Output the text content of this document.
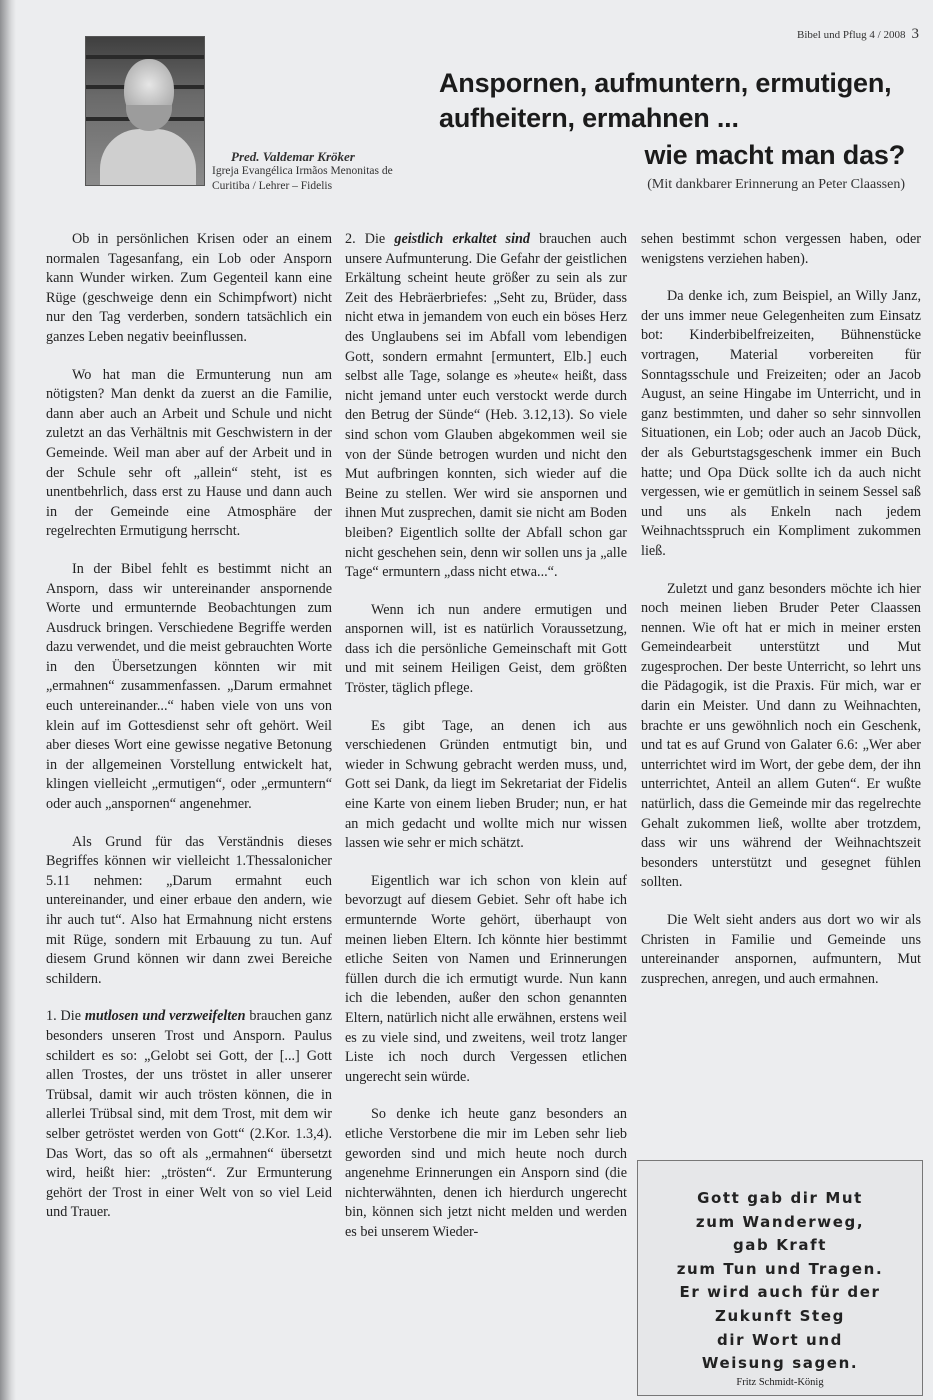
Bibel und Pflug 4 / 2008 3
Pred. Valdemar Kröker
Igreja Evangélica Irmãos Menonitas de
Curitiba / Lehrer – Fidelis
Anspornen, aufmuntern, ermutigen,
aufheitern, ermahnen ...
wie macht man das?
(Mit dankbarer Erinnerung an Peter Claassen)

Ob in persönlichen Krisen oder an einem normalen Tagesanfang, ein Lob oder Ansporn kann Wunder wirken. Zum Gegenteil kann eine Rüge (geschweige denn ein Schimpfwort) nicht nur den Tag verderben, sondern tatsächlich ein ganzes Leben negativ beeinflussen.

Wo hat man die Ermunterung nun am nötigsten? Man denkt da zuerst an die Familie, dann aber auch an Arbeit und Schule und nicht zuletzt an das Verhältnis mit Geschwistern in der Gemeinde. Weil man aber auf der Arbeit und in der Schule sehr oft „allein“ steht, ist es unentbehrlich, dass erst zu Hause und dann auch in der Gemeinde eine Atmosphäre der regelrechten Ermutigung herrscht.

In der Bibel fehlt es bestimmt nicht an Ansporn, dass wir untereinander anspornende Worte und ermunternde Beobachtungen zum Ausdruck bringen. Verschiedene Begriffe werden dazu verwendet, und die meist gebrauchten Worte in den Übersetzungen könnten wir mit „ermahnen“ zusammenfassen. „Darum ermahnet euch untereinander...“ haben viele von uns von klein auf im Gottesdienst sehr oft gehört. Weil aber dieses Wort eine gewisse negative Betonung in der allgemeinen Vorstellung entwickelt hat, klingen vielleicht „ermutigen“, oder „ermuntern“ oder auch „anspornen“ angenehmer.

Als Grund für das Verständnis dieses Begriffes können wir vielleicht 1.Thessalonicher 5.11 nehmen: „Darum ermahnt euch untereinander, und einer erbaue den andern, wie ihr auch tut“. Also hat Ermahnung nicht erstens mit Rüge, sondern mit Erbauung zu tun. Auf diesem Grund können wir dann zwei Bereiche schildern.

1. Die mutlosen und verzweifelten brauchen ganz besonders unseren Trost und Ansporn. Paulus schildert es so: „Gelobt sei Gott, der [...] Gott allen Trostes, der uns tröstet in aller unserer Trübsal, damit wir auch trösten können, die in allerlei Trübsal sind, mit dem Trost, mit dem wir selber getröstet werden von Gott“ (2.Kor. 1.3,4). Das Wort, das so oft als „ermahnen“ übersetzt wird, heißt hier: „trösten“. Zur Ermunterung gehört der Trost in einer Welt von so viel Leid und Trauer.

2. Die geistlich erkaltet sind brauchen auch unsere Aufmunterung. Die Gefahr der geistlichen Erkältung scheint heute größer zu sein als zur Zeit des Hebräerbriefes: „Seht zu, Brüder, dass nicht etwa in jemandem von euch ein böses Herz des Unglaubens sei im Abfall vom lebendigen Gott, sondern ermahnt [ermuntert, Elb.] euch selbst alle Tage, solange es »heute« heißt, dass nicht jemand unter euch verstockt werde durch den Betrug der Sünde“ (Heb. 3.12,13). So viele sind schon vom Glauben abgekommen weil sie von der Sünde betrogen wurden und nicht den Mut aufbringen konnten, sich wieder auf die Beine zu stellen. Wer wird sie anspornen und ihnen Mut zusprechen, damit sie nicht am Boden bleiben? Eigentlich sollte der Abfall schon gar nicht geschehen sein, denn wir sollen uns ja „alle Tage“ ermuntern „dass nicht etwa...“.

Wenn ich nun andere ermutigen und anspornen will, ist es natürlich Voraussetzung, dass ich die persönliche Gemeinschaft mit Gott und mit seinem Heiligen Geist, dem größten Tröster, täglich pflege.

Es gibt Tage, an denen ich aus verschiedenen Gründen entmutigt bin, und wieder in Schwung gebracht werden muss, und, Gott sei Dank, da liegt im Sekretariat der Fidelis eine Karte von einem lieben Bruder; nun, er hat an mich gedacht und wollte mich nur wissen lassen wie sehr er mich schätzt.

Eigentlich war ich schon von klein auf bevorzugt auf diesem Gebiet. Sehr oft habe ich ermunternde Worte gehört, überhaupt von meinen lieben Eltern. Ich könnte hier bestimmt etliche Seiten von Namen und Erinnerungen füllen durch die ich ermutigt wurde. Nun kann ich die lebenden, außer den schon genannten Eltern, natürlich nicht alle erwähnen, erstens weil es zu viele sind, und zweitens, weil trotz langer Liste ich noch durch Vergessen etlichen ungerecht sein würde.

So denke ich heute ganz besonders an etliche Verstorbene die mir im Leben sehr lieb geworden sind und mich heute noch durch angenehme Erinnerungen ein Ansporn sind (die nichterwähnten, denen ich hierdurch ungerecht bin, können sich jetzt nicht melden und werden es bei unserem Wieder-

sehen bestimmt schon vergessen haben, oder wenigstens verziehen haben).

Da denke ich, zum Beispiel, an Willy Janz, der uns immer neue Gelegenheiten zum Einsatz bot: Kinderbibelfreizeiten, Bühnenstücke vortragen, Material vorbereiten für Sonntagsschule und Freizeiten; oder an Jacob August, an seine Hingabe im Unterricht, und in ganz bestimmten, und daher so sehr sinnvollen Situationen, ein Lob; oder auch an Jacob Dück, der als Geburtstagsgeschenk immer ein Buch hatte; und Opa Dück sollte ich da auch nicht vergessen, wie er gemütlich in seinem Sessel saß und uns als Enkeln nach jedem Weihnachtsspruch ein Kompliment zukommen ließ.

Zuletzt und ganz besonders möchte ich hier noch meinen lieben Bruder Peter Claassen nennen. Wie oft hat er mich in meiner ersten Gemeindearbeit unterstützt und Mut zugesprochen. Der beste Unterricht, so lehrt uns die Pädagogik, ist die Praxis. Für mich, war er darin ein Meister. Und dann zu Weihnachten, brachte er uns gewöhnlich noch ein Geschenk, und tat es auf Grund von Galater 6.6: „Wer aber unterrichtet wird im Wort, der gebe dem, der ihn unterrichtet, Anteil an allem Guten“. Er wußte natürlich, dass die Gemeinde mir das regelrechte Gehalt zukommen ließ, wollte aber trotzdem, dass wir uns während der Weihnachtszeit besonders unterstützt und gesegnet fühlen sollten.

Die Welt sieht anders aus dort wo wir als Christen in Familie und Gemeinde uns untereinander anspornen, aufmuntern, Mut zusprechen, anregen, und auch ermahnen.

Gott gab dir Mut
zum Wanderweg,
gab Kraft
zum Tun und Tragen.
Er wird auch für der
Zukunft Steg
dir Wort und
Weisung sagen.
Fritz Schmidt-König
